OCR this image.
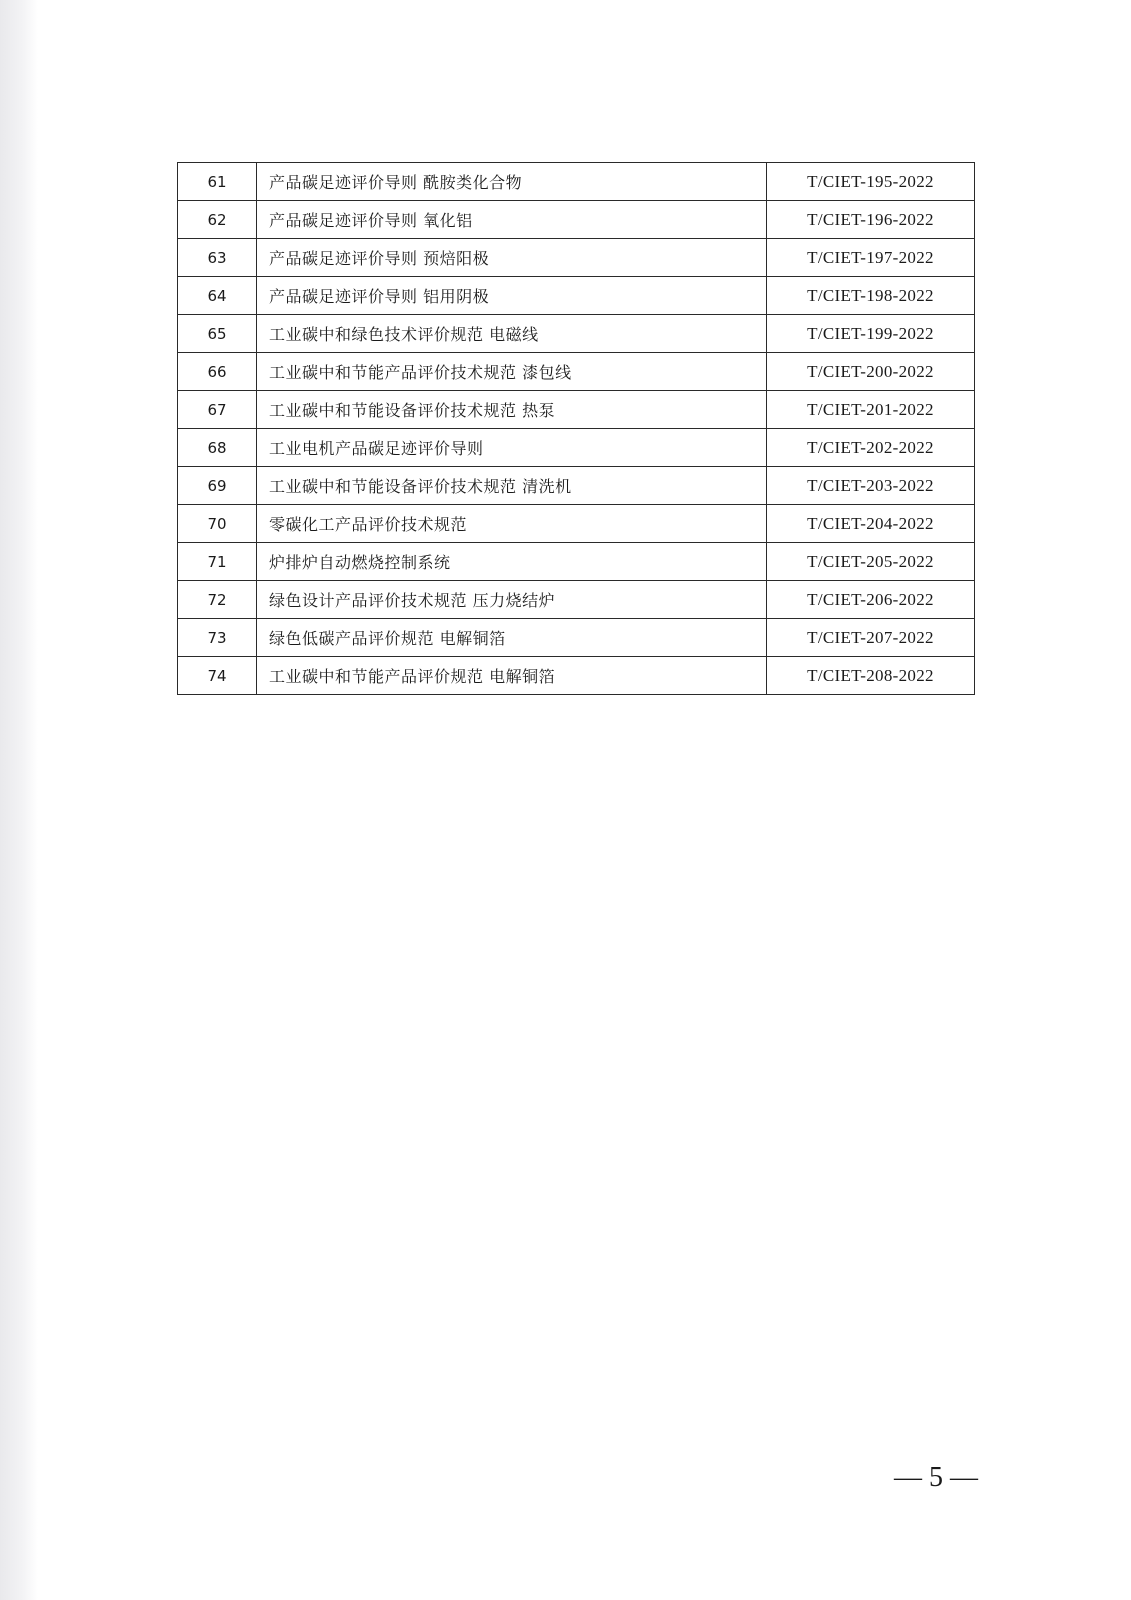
61	产品碳足迹评价导则 酰胺类化合物	T/CIET-195-2022
62	产品碳足迹评价导则 氧化铝	T/CIET-196-2022
63	产品碳足迹评价导则 预焙阳极	T/CIET-197-2022
64	产品碳足迹评价导则 铝用阴极	T/CIET-198-2022
65	工业碳中和绿色技术评价规范 电磁线	T/CIET-199-2022
66	工业碳中和节能产品评价技术规范 漆包线	T/CIET-200-2022
67	工业碳中和节能设备评价技术规范 热泵	T/CIET-201-2022
68	工业电机产品碳足迹评价导则	T/CIET-202-2022
69	工业碳中和节能设备评价技术规范 清洗机	T/CIET-203-2022
70	零碳化工产品评价技术规范	T/CIET-204-2022
71	炉排炉自动燃烧控制系统	T/CIET-205-2022
72	绿色设计产品评价技术规范 压力烧结炉	T/CIET-206-2022
73	绿色低碳产品评价规范 电解铜箔	T/CIET-207-2022
74	工业碳中和节能产品评价规范 电解铜箔	T/CIET-208-2022
— 5 —
